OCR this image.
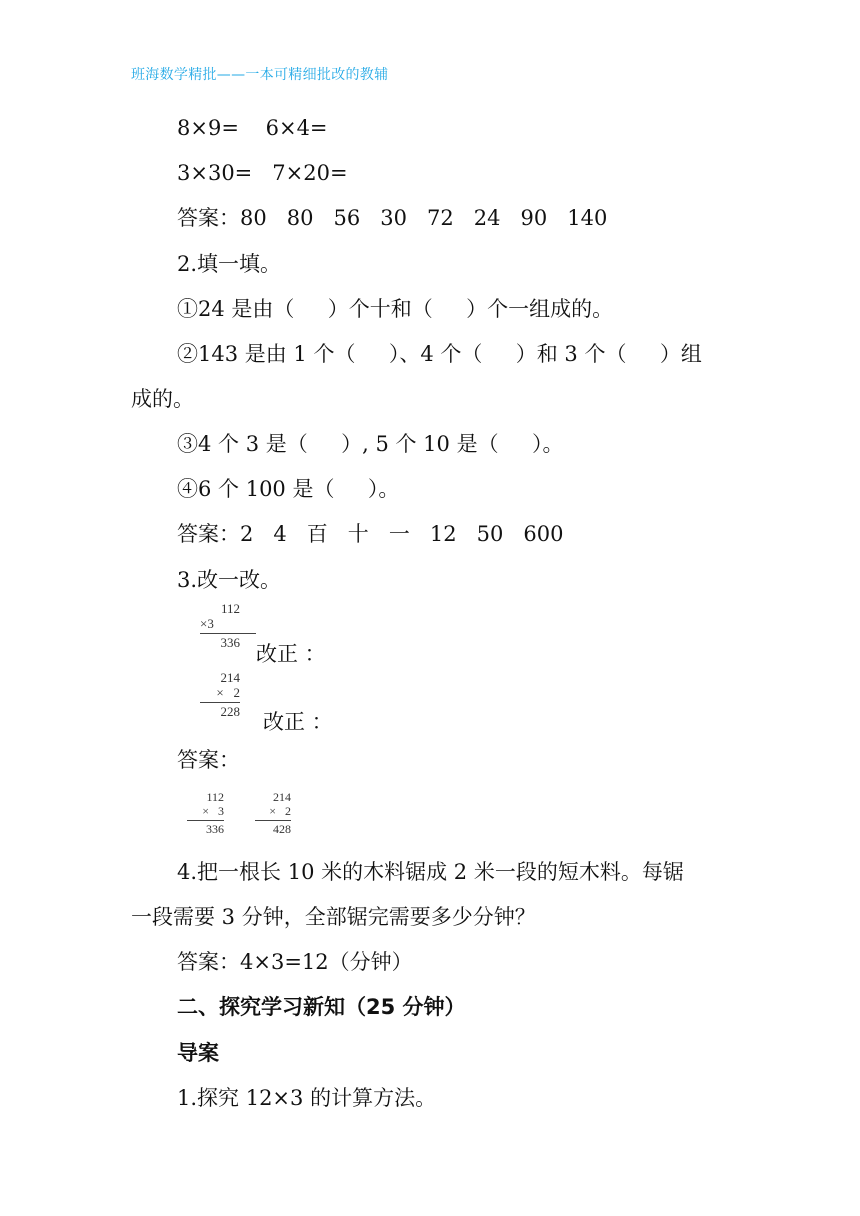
班海数学精批——一本可精细批改的教辅
8×9=    6×4=
3×30=   7×20=
答案：80   80   56   30   72   24   90   140
2.填一填。
①24 是由（     ）个十和（     ）个一组成的。
②143 是由 1 个（     ）、4 个（     ）和 3 个（     ）组
成的。
③4 个 3 是（     ）, 5 个 10 是（     ）。
④6 个 100 是（     ）。
答案：2   4   百   十   一   12   50   600
3.改一改。
112
×3
336 改正 ：
214
×   2
228 改正 ：
答案：
112
×   3
336
214
×   2
428
4.把一根长 10 米的木料锯成 2 米一段的短木料。每锯
一段需要 3 分钟，全部锯完需要多少分钟？
答案：4×3=12（分钟）
二、探究学习新知（25 分钟）
导案
1.探究 12×3 的计算方法。
